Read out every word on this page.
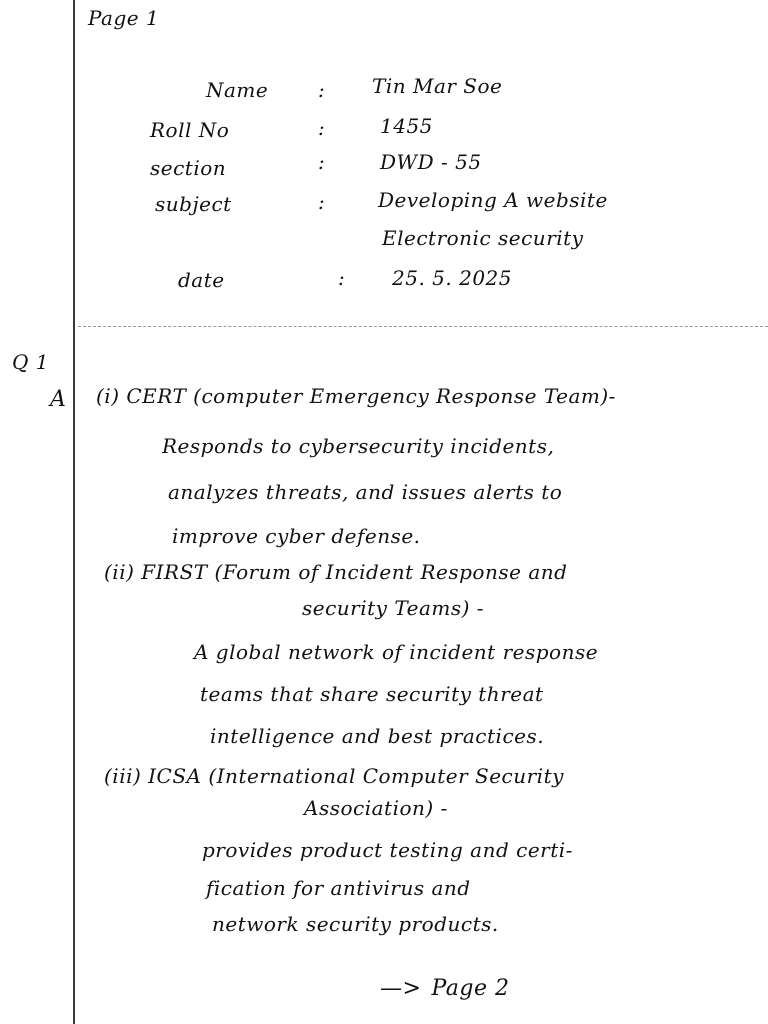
Page 1
Name : Tin Mar Soe
Roll No	:	1455
section	:	DWD - 55
subject	:	Developing A website
Electronic security
date	: 25. 5. 2025
Q 1
A (i) CERT (computer Emergency Response Team)-
Responds to cybersecurity incidents,
analyzes threats, and issues alerts to
improve cyber defense.
(ii) FIRST (Forum of Incident Response and
security Teams) -
A global network of incident response
teams that share security threat
intelligence and best practices.
(iii) ICSA (International Computer Security
Association) -
provides product testing and certi-
fication for antivirus and
network security products.
—> Page 2
